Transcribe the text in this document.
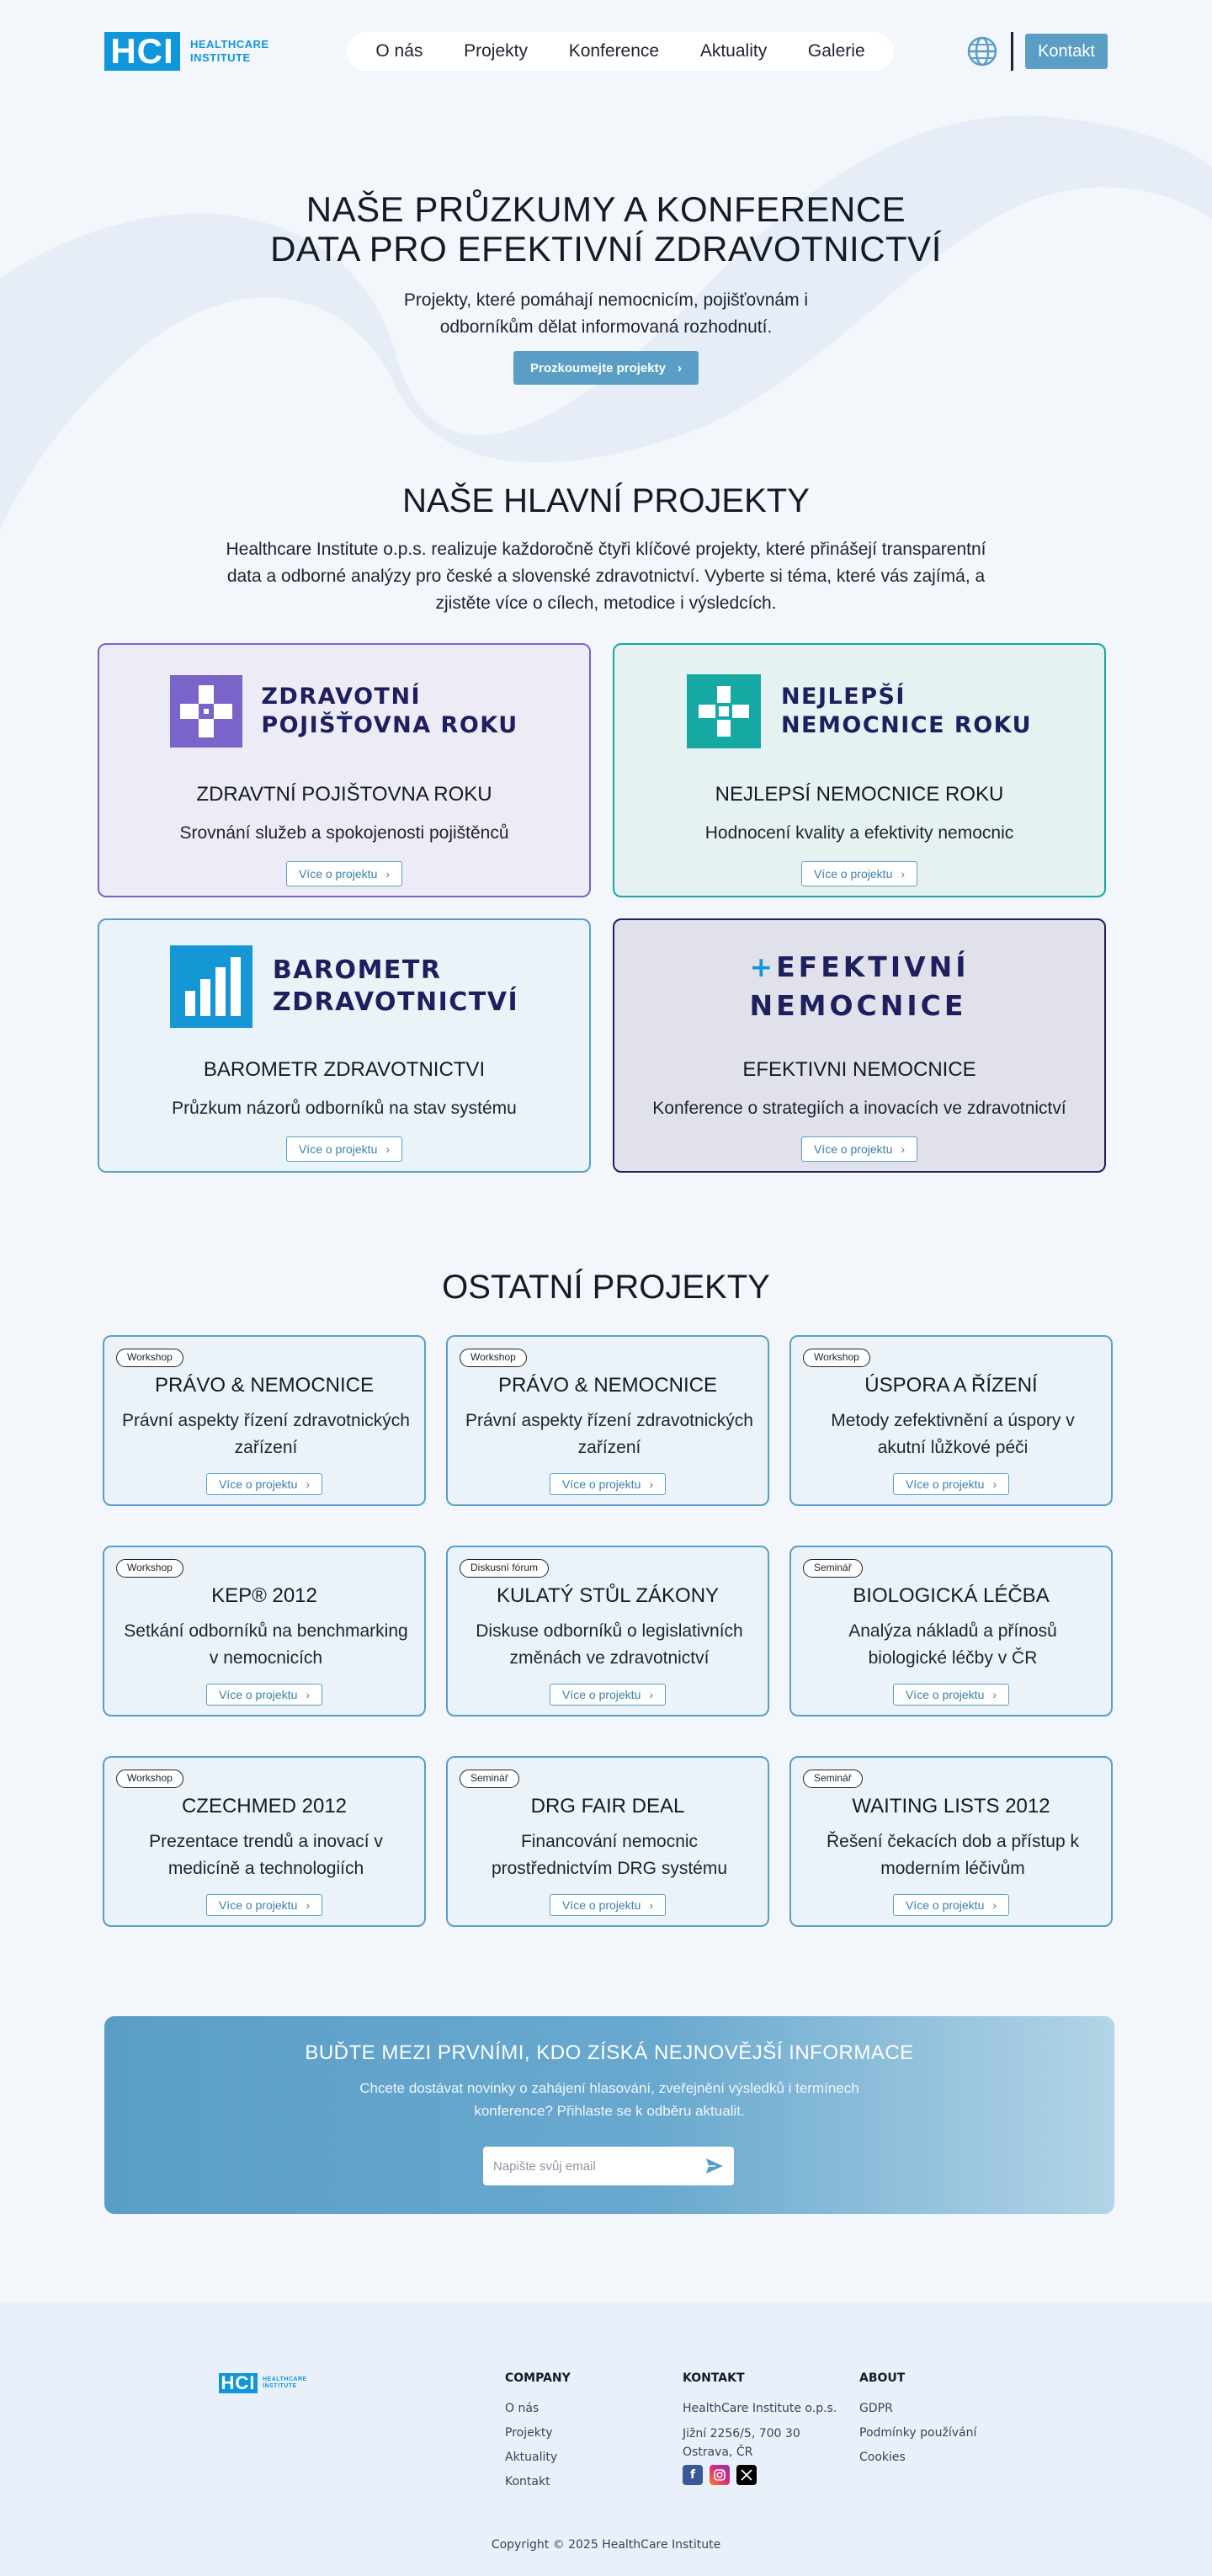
HCI	HEALTHCARE
INSTITUTE	O nás Projekty Konference Aktuality Galerie	Kontakt
NAŠE PRŮZKUMY A KONFERENCE
DATA PRO EFEKTIVNÍ ZDRAVOTNICTVÍ

Projekty, které pomáhají nemocnicím, pojišťovnám i
odborníkům dělat informovaná rozhodnutí.

Prozkoumejte projekty ›
NAŠE HLAVNÍ PROJEKTY

Healthcare Institute o.p.s. realizuje každoročně čtyři klíčové projekty, které přinášejí transparentní data a odborné analýzy pro české a slovenské zdravotnictví. Vyberte si téma, které vás zajímá, a zjistěte více o cílech, metodice i výsledcích.

ZDRAVOTNÍ
POJIŠŤOVNA ROKU
ZDRAVTNÍ POJIŠTOVNA ROKU
Srovnání služeb a spokojenosti pojištěnců
Více o projektu ›
NEJLEPŠÍ
NEMOCNICE ROKU
NEJLEPSÍ NEMOCNICE ROKU
Hodnocení kvality a efektivity nemocnic
Více o projektu ›
BAROMETR
ZDRAVOTNICTVÍ
BAROMETR ZDRAVOTNICTVI
Průzkum názorů odborníků na stav systému
Více o projektu ›
+EFEKTIVNÍ
NEMOCNICE
EFEKTIVNI NEMOCNICE
Konference o strategiích a inovacích ve zdravotnictví
Více o projektu ›
OSTATNÍ PROJEKTY
Workshop
PRÁVO & NEMOCNICE
Právní aspekty řízení zdravotnických zařízení
Více o projektu ›
Workshop
PRÁVO & NEMOCNICE
Právní aspekty řízení zdravotnických zařízení
Více o projektu ›
Workshop
ÚSPORA A ŘÍZENÍ
Metody zefektivnění a úspory v akutní lůžkové péči
Více o projektu ›
Workshop
KEP® 2012
Setkání odborníků na benchmarking v nemocnicích
Více o projektu ›
Diskusní fórum
KULATÝ STŮL ZÁKONY
Diskuse odborníků o legislativních změnách ve zdravotnictví
Více o projektu ›
Seminář
BIOLOGICKÁ LÉČBA
Analýza nákladů a přínosů biologické léčby v ČR
Více o projektu ›
Workshop
CZECHMED 2012
Prezentace trendů a inovací v medicíně a technologiích
Více o projektu ›
Seminář
DRG FAIR DEAL
Financování nemocnic prostřednictvím DRG systému
Více o projektu ›
Seminář
WAITING LISTS 2012
Řešení čekacích dob a přístup k moderním léčivům
Více o projektu ›
BUĎTE MEZI PRVNÍMI, KDO ZÍSKÁ NEJNOVĚJŠÍ INFORMACE

Chcete dostávat novinky o zahájení hlasování, zveřejnění výsledků i termínech konference? Přihlaste se k odběru aktualit.

Napište svůj email
HCI	HEALTHCARE
INSTITUTE
COMPANY
O nás
Projekty
Aktuality
Kontakt
KONTAKT
HealthCare Institute o.p.s.
Jižní 2256/5, 700 30
Ostrava, ČR
f
ABOUT
GDPR
Podmínky používání
Cookies
Copyright © 2025 HealthCare Institute
